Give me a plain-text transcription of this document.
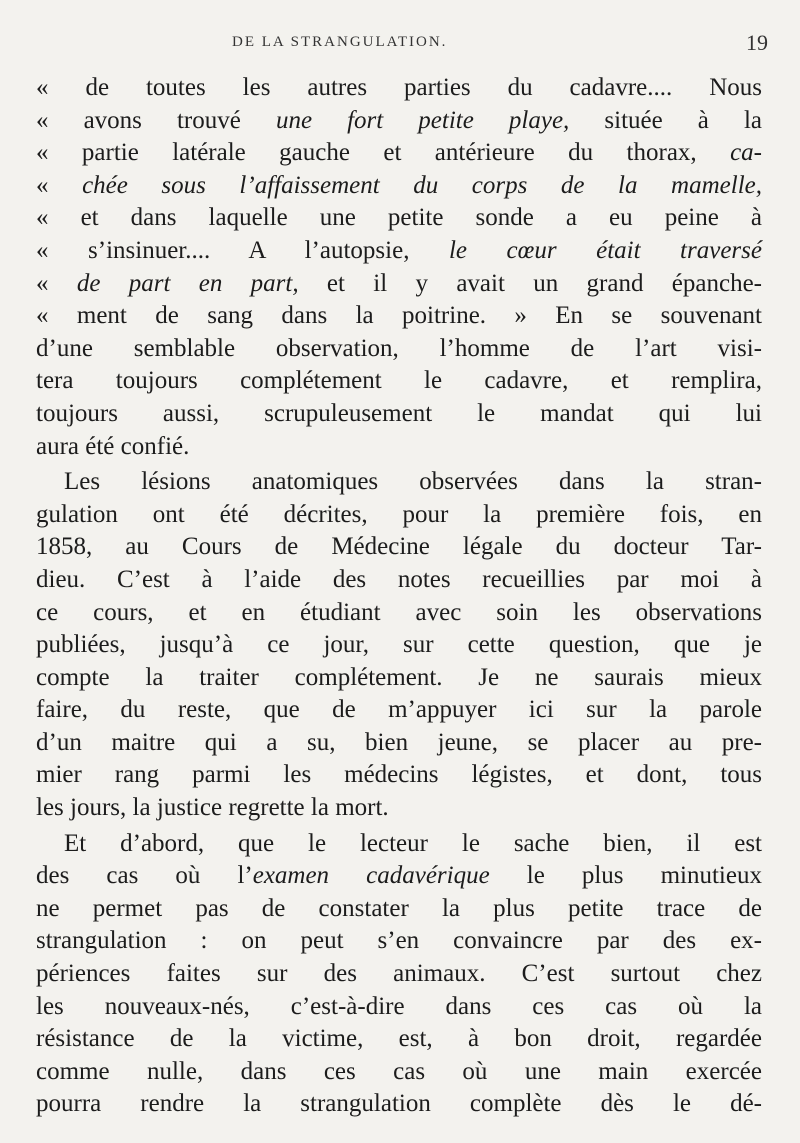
DE LA STRANGULATION.	19
« de toutes les autres parties du cadavre.... Nous
« avons trouvé une fort petite playe, située à la
« partie latérale gauche et antérieure du thorax, ca-
« chée sous l’affaissement du corps de la mamelle,
« et dans laquelle une petite sonde a eu peine à
« s’insinuer.... A l’autopsie, le cœur était traversé
« de part en part, et il y avait un grand épanche-
« ment de sang dans la poitrine. » En se souvenant
d’une semblable observation, l’homme de l’art visi-
tera toujours complétement le cadavre, et remplira,
toujours aussi, scrupuleusement le mandat qui lui
aura été confié.
Les lésions anatomiques observées dans la stran-
gulation ont été décrites, pour la première fois, en
1858, au Cours de Médecine légale du docteur Tar-
dieu. C’est à l’aide des notes recueillies par moi à
ce cours, et en étudiant avec soin les observations
publiées, jusqu’à ce jour, sur cette question, que je
compte la traiter complétement. Je ne saurais mieux
faire, du reste, que de m’appuyer ici sur la parole
d’un maitre qui a su, bien jeune, se placer au pre-
mier rang parmi les médecins légistes, et dont, tous
les jours, la justice regrette la mort.
Et d’abord, que le lecteur le sache bien, il est
des cas où l’examen cadavérique le plus minutieux
ne permet pas de constater la plus petite trace de
strangulation : on peut s’en convaincre par des ex-
périences faites sur des animaux. C’est surtout chez
les nouveaux-nés, c’est-à-dire dans ces cas où la
résistance de la victime, est, à bon droit, regardée
comme nulle, dans ces cas où une main exercée
pourra rendre la strangulation complète dès le dé-
